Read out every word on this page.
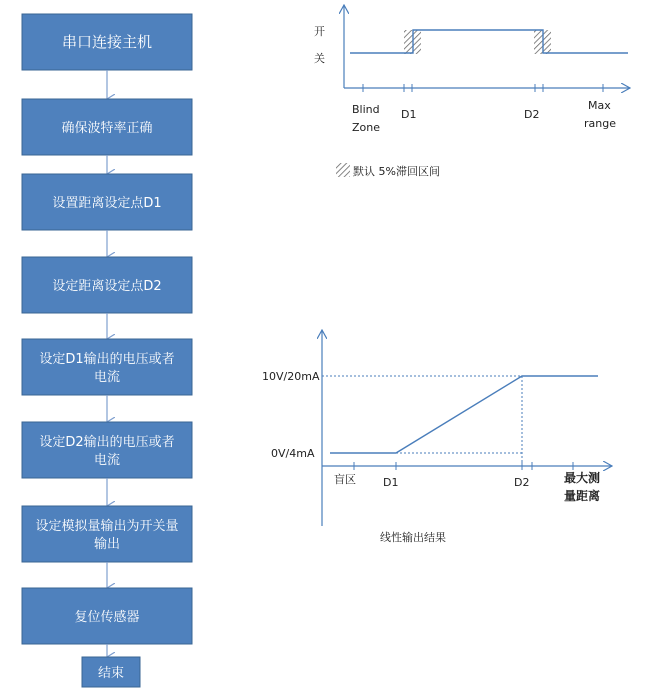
串口连接主机
确保波特率正确
设置距离设定点D1
设定距离设定点D2
设定D1输出的电压或者
电流
设定D2输出的电压或者
电流
设定模拟量输出为开关量
输出
复位传感器
结束
开
关
Blind
Zone
D1	D2
Max
range
默认 5%滞回区间
10V/20mA
0V/4mA
盲区 D1	D2	最大测
量距离
线性输出结果
